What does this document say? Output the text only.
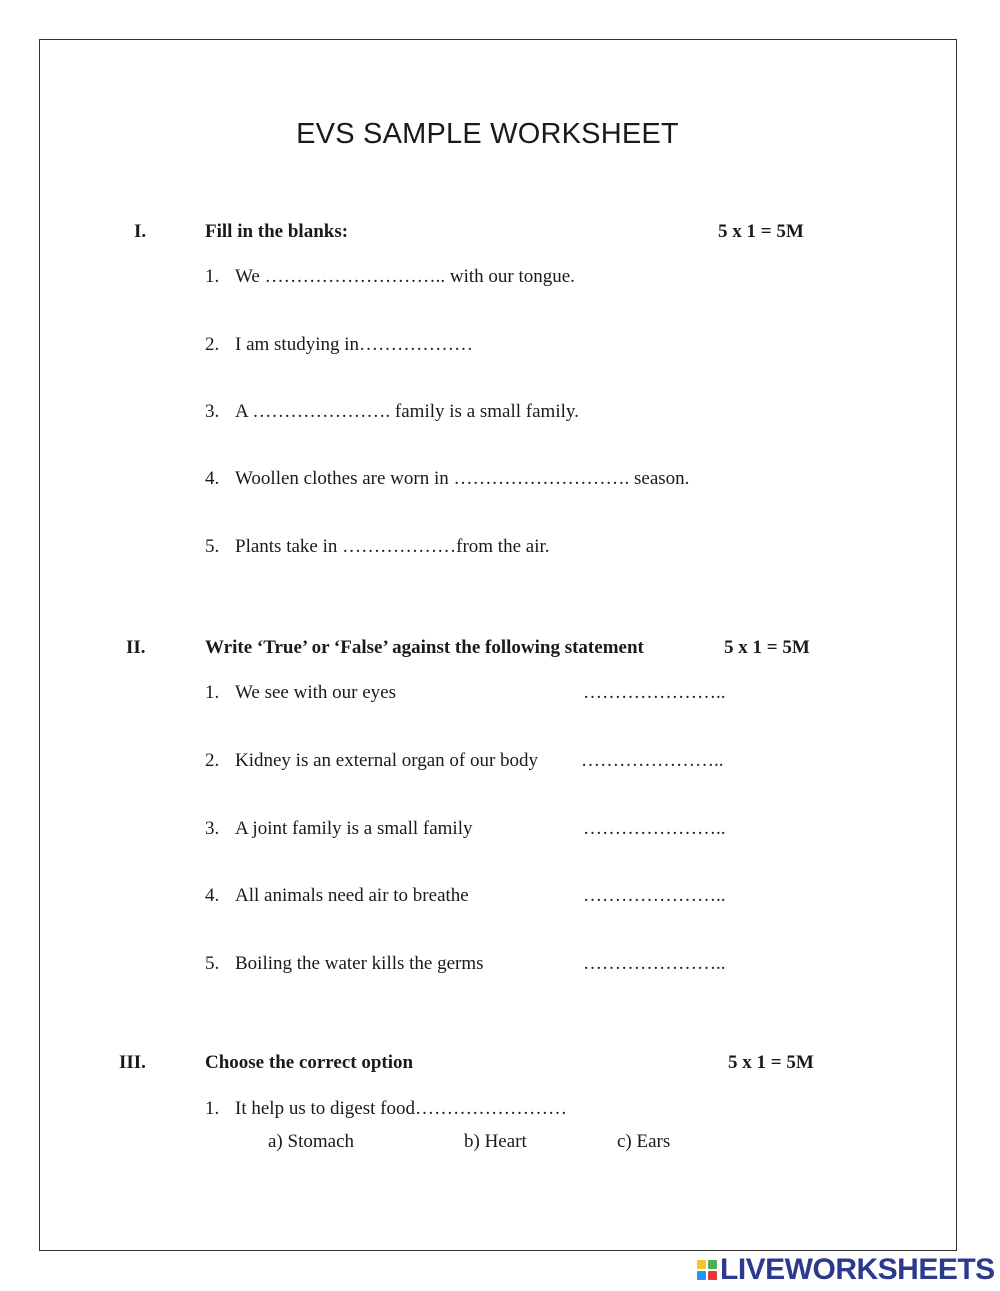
EVS SAMPLE WORKSHEET
I.	Fill in the blanks:	5 x 1 = 5M
1. We ……………………….. with our tongue.
2. I am studying in………………
3. A …………………. family is a small family.
4. Woollen clothes are worn in ………………………. season.
5. Plants take in ………………from the air.
II.	Write ‘True’ or ‘False’ against the following statement	5 x 1 = 5M
1. We see with our eyes	…………………..
2. Kidney is an external organ of our body …………………..
3. A joint family is a small family	…………………..
4. All animals need air to breathe	…………………..
5. Boiling the water kills the germs	…………………..
III.	Choose the correct option	5 x 1 = 5M
1. It help us to digest food……………………
a) Stomach	b) Heart	c) Ears
LIVEWORKSHEETS
